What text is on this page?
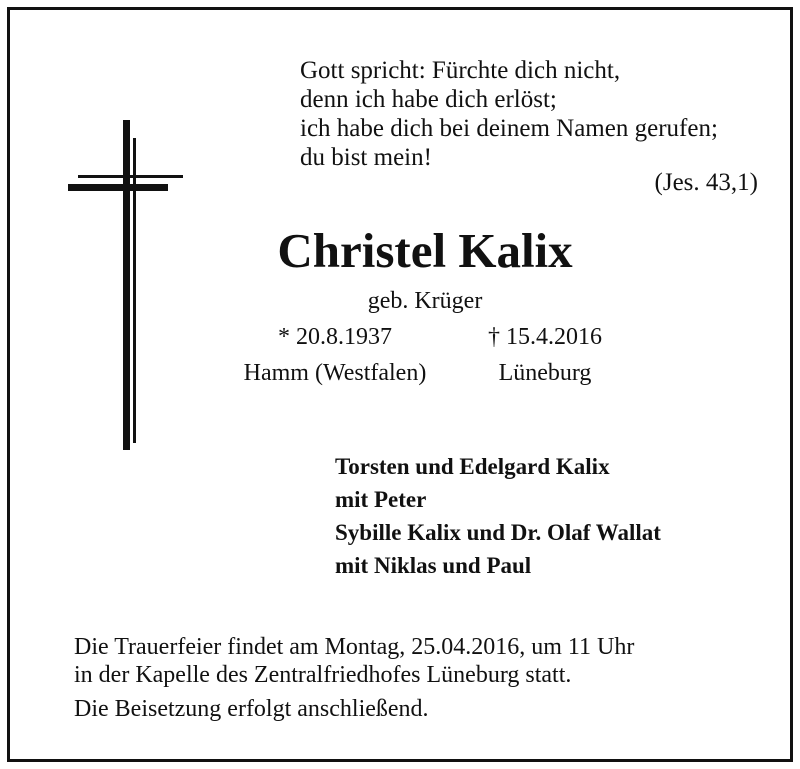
Gott spricht: Fürchte dich nicht,
denn ich habe dich erlöst;
ich habe dich bei deinem Namen gerufen;
du bist mein!
(Jes. 43,1)
Christel Kalix
geb. Krüger
* 20.8.1937
Hamm (Westfalen)
† 15.4.2016
Lüneburg
Torsten und Edelgard Kalix
mit Peter
Sybille Kalix und Dr. Olaf Wallat
mit Niklas und Paul
Die Trauerfeier findet am Montag, 25.04.2016, um 11 Uhr
in der Kapelle des Zentralfriedhofes Lüneburg statt.
Die Beisetzung erfolgt anschließend.
